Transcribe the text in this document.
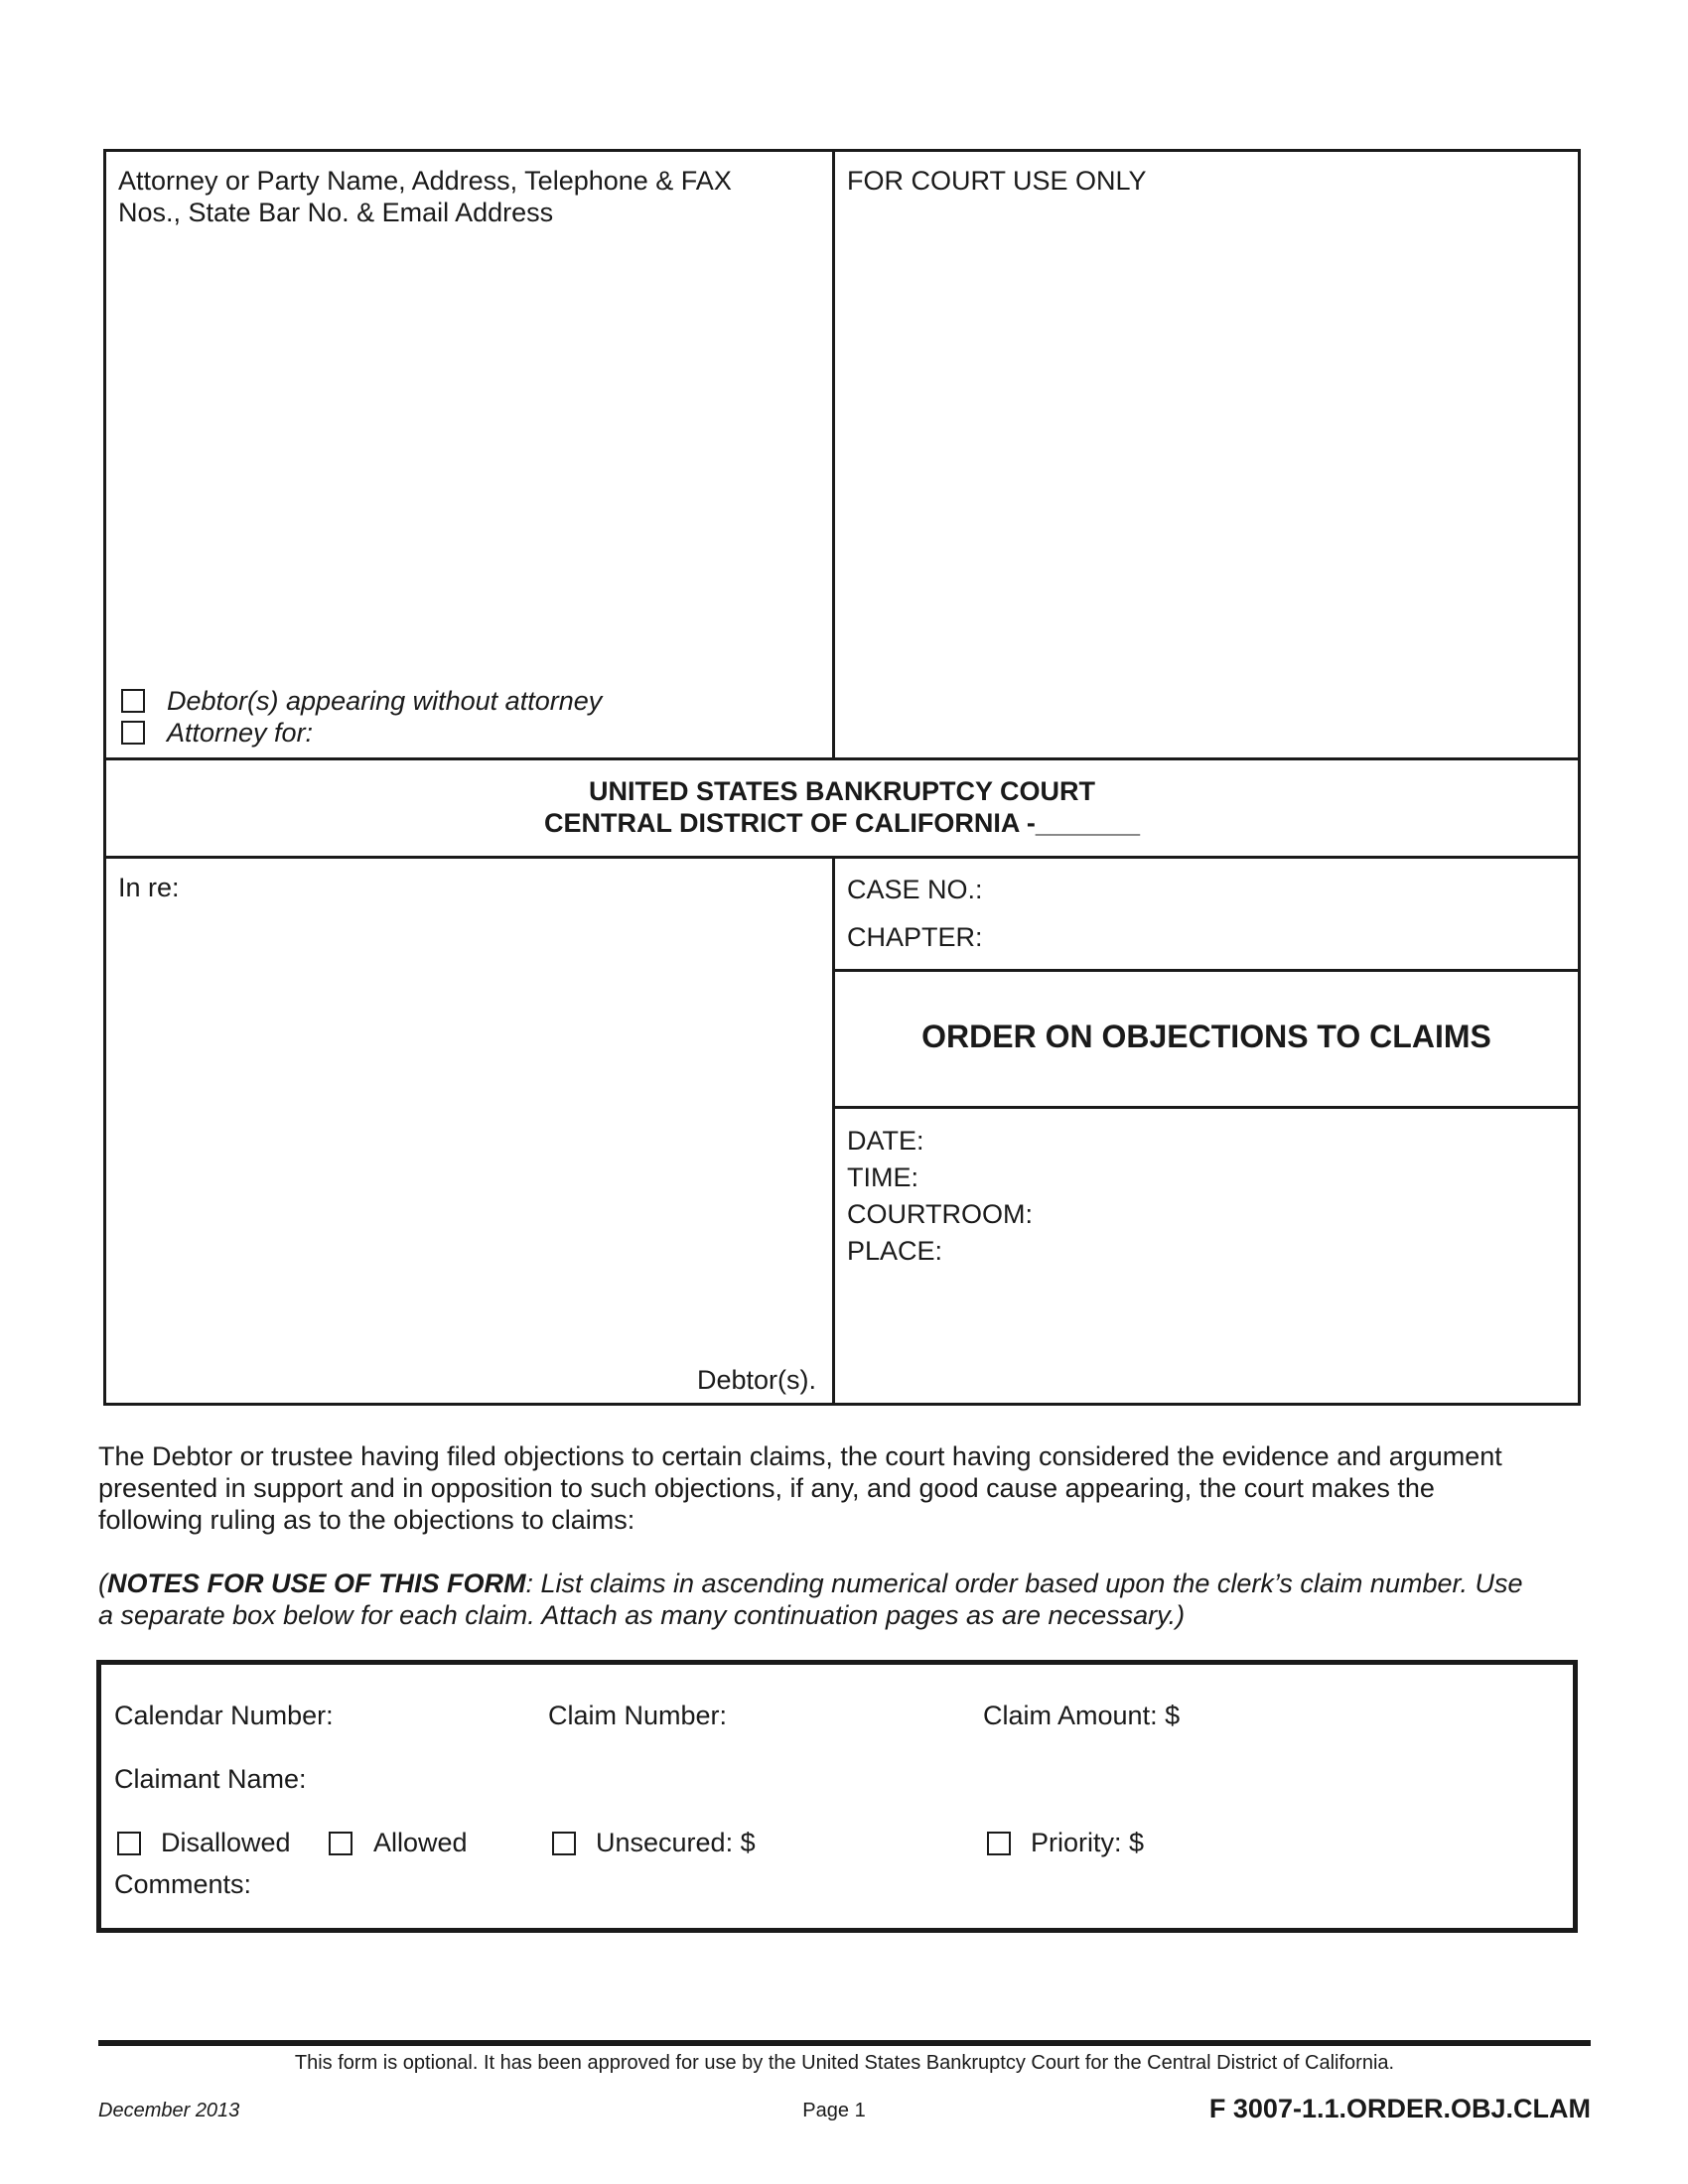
Attorney or Party Name, Address, Telephone & FAX
Nos., State Bar No. & Email Address
Debtor(s) appearing without attorney
Attorney for:
FOR COURT USE ONLY
UNITED STATES BANKRUPTCY COURT
CENTRAL DISTRICT OF CALIFORNIA -_______
In re:
Debtor(s).
CASE NO.:
CHAPTER:
ORDER ON OBJECTIONS TO CLAIMS
DATE:
TIME:
COURTROOM:
PLACE:
The Debtor or trustee having filed objections to certain claims, the court having considered the evidence and argument
presented in support and in opposition to such objections, if any, and good cause appearing, the court makes the
following ruling as to the objections to claims:
(NOTES FOR USE OF THIS FORM: List claims in ascending numerical order based upon the clerk’s claim number. Use
a separate box below for each claim. Attach as many continuation pages as are necessary.)
Calendar Number:	Claim Number:	Claim Amount: $
Claimant Name:
Disallowed	Allowed	Unsecured: $	Priority: $
Comments:
This form is optional. It has been approved for use by the United States Bankruptcy Court for the Central District of California.
December 2013	Page 1	F 3007-1.1.ORDER.OBJ.CLAM
